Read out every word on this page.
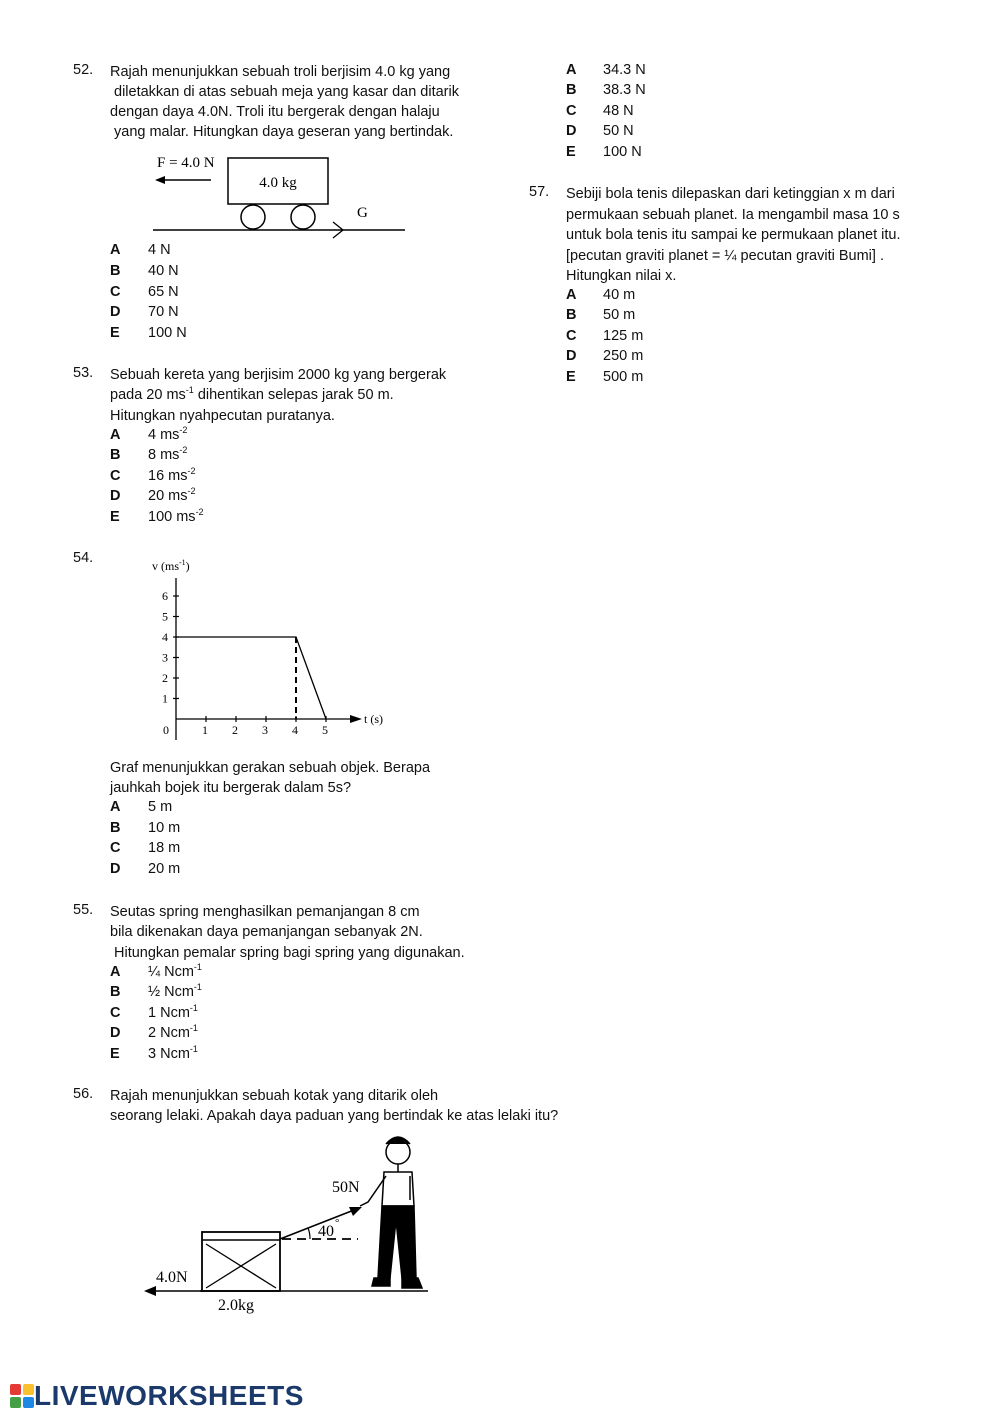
52.	Rajah menunjukkan sebuah troli berjisim 4.0 kg yang
diletakkan di atas sebuah meja yang kasar dan ditarik
dengan daya 4.0N. Troli itu bergerak dengan halaju
yang malar. Hitungkan daya geseran yang bertindak.
F = 4.0 N
4.0 kg
G
A 4 N
B 40 N
C 65 N
D 70 N
E 100 N
53.	Sebuah kereta yang berjisim 2000 kg yang bergerak
pada 20 $ms^{-1}$ dihentikan selepas jarak 50 m.
Hitungkan nyahpecutan puratanya.
A 4 $ms^{-2}$
B 8 $ms^{-2}$
C 16 $ms^{-2}$
D 20 $ms^{-2}$
E 100 $ms^{-2}$
54.	v $(ms^{-1})$
t (s)
0
1
2
3
4
5
6
1 2 3 4 5
Graf menunjukkan gerakan sebuah objek. Berapa
jauhkah bojek itu bergerak dalam 5s?
A 5 m
B 10 m
C 18 m
D 20 m
55.	Seutas spring menghasilkan pemanjangan 8 cm
bila dikenakan daya pemanjangan sebanyak 2N.
Hitungkan pemalar spring bagi spring yang digunakan.
A ¼ Ncm$^{-1}$
B ½ Ncm$^{-1}$
C 1 Ncm$^{-1}$
D 2 Ncm$^{-1}$
E 3 Ncm$^{-1}$
56.	Rajah menunjukkan sebuah kotak yang ditarik oleh
seorang lelaki. Apakah daya paduan yang bertindak ke atas lelaki itu?
4.0N
2.0kg
40 °
50N
A 34.3 N
B 38.3 N
C 48 N
D 50 N
E 100 N
57.	Sebiji bola tenis dilepaskan dari ketinggian x m dari
permukaan sebuah planet. Ia mengambil masa 10 s
untuk bola tenis itu sampai ke permukaan planet itu.
[pecutan graviti planet = ¼ pecutan graviti Bumi] .
Hitungkan nilai x.
A 40 m
B 50 m
C 125 m
D 250 m
E 500 m
LIVEWORKSHEETS
